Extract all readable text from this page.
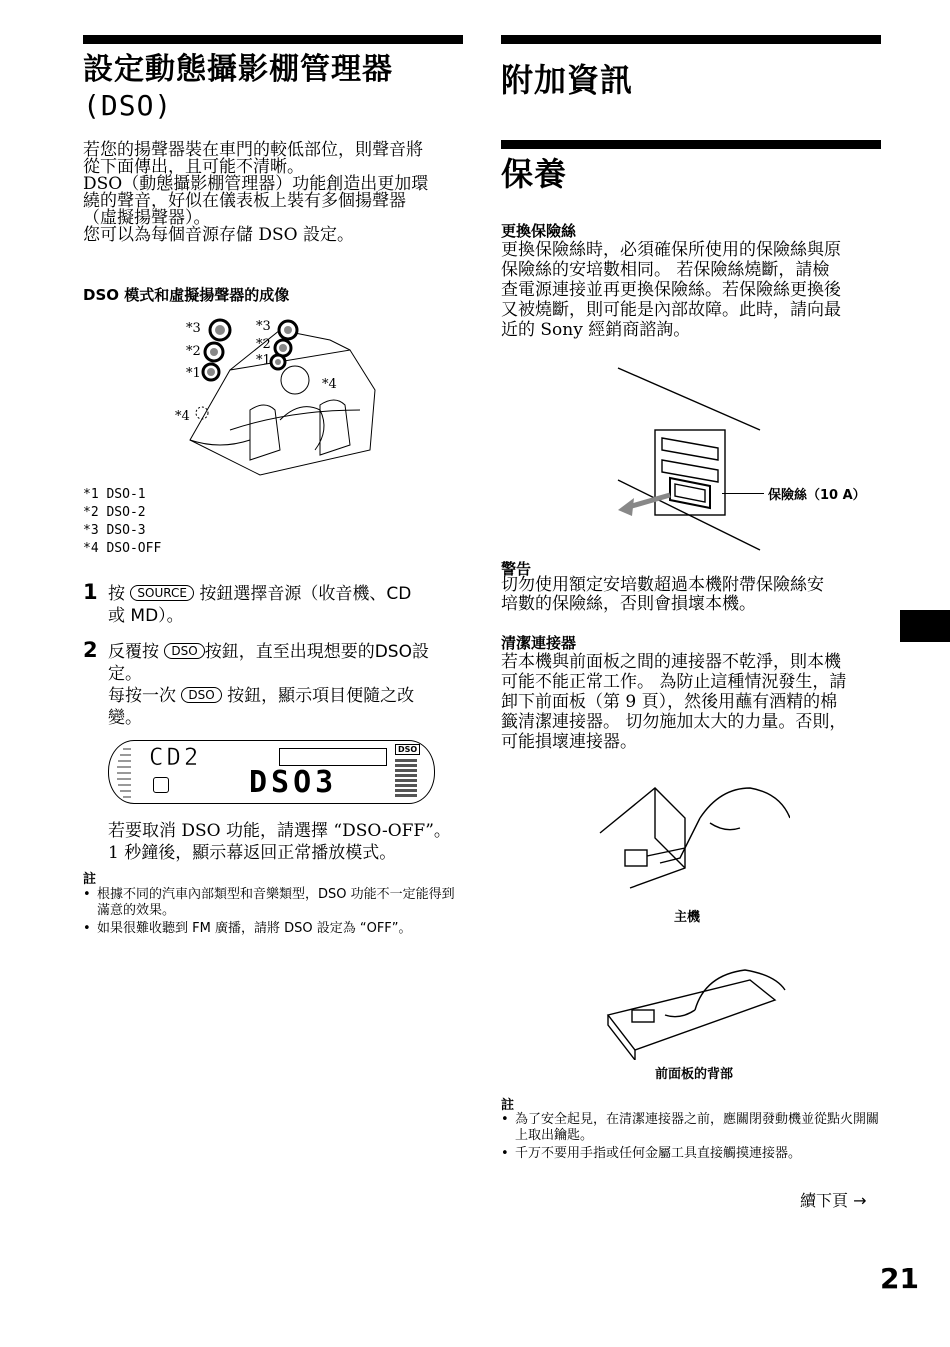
設定動態攝影棚管理器
(DSO)
若您的揚聲器裝在車門的較低部位，則聲音將
從下面傳出，且可能不清晰。
DSO（動態攝影棚管理器）功能創造出更加環
繞的聲音，好似在儀表板上裝有多個揚聲器
（虛擬揚聲器）。
您可以為每個音源存儲 DSO 設定。
DSO 模式和虛擬揚聲器的成像
*3
*2
*1
*4
*3
*2
*1
*4
*1 DSO-1
*2 DSO-2
*3 DSO-3
*4 DSO-OFF
1 按 SOURCE 按鈕選擇音源（收音機、CD
或 MD）。
2 反覆按 DSO 按鈕，直至出現想要的DSO設
定。
每按一次 DSO 按鈕，顯示項目便隨之改
變。
CD2
DSO3
DSO
若要取消 DSO 功能，請選擇 “DSO-OFF”。
1 秒鐘後，顯示幕返回正常播放模式。
註
• 根據不同的汽車內部類型和音樂類型，DSO 功能不一定能得到滿意的效果。
• 如果很難收聽到 FM 廣播，請將 DSO 設定為 “OFF”。
附加資訊
保養
更換保險絲
更換保險絲時，必須確保所使用的保險絲與原
保險絲的安培數相同。 若保險絲燒斷，請檢
查電源連接並再更換保險絲。若保險絲更換後
又被燒斷，則可能是內部故障。此時，請向最
近的 Sony 經銷商諮詢。
保險絲（10 A）
警告
切勿使用額定安培數超過本機附帶保險絲安
培數的保險絲，否則會損壞本機。
清潔連接器
若本機與前面板之間的連接器不乾淨，則本機
可能不能正常工作。 為防止這種情況發生，請
卸下前面板（第 9 頁），然後用蘸有酒精的棉
籤清潔連接器。 切勿施加太大的力量。否則，
可能損壞連接器。
主機
前面板的背部
註
• 為了安全起見，在清潔連接器之前，應關閉發動機並從點火開關上取出鑰匙。
• 千万不要用手指或任何金屬工具直接觸摸連接器。
續下頁 →
21
